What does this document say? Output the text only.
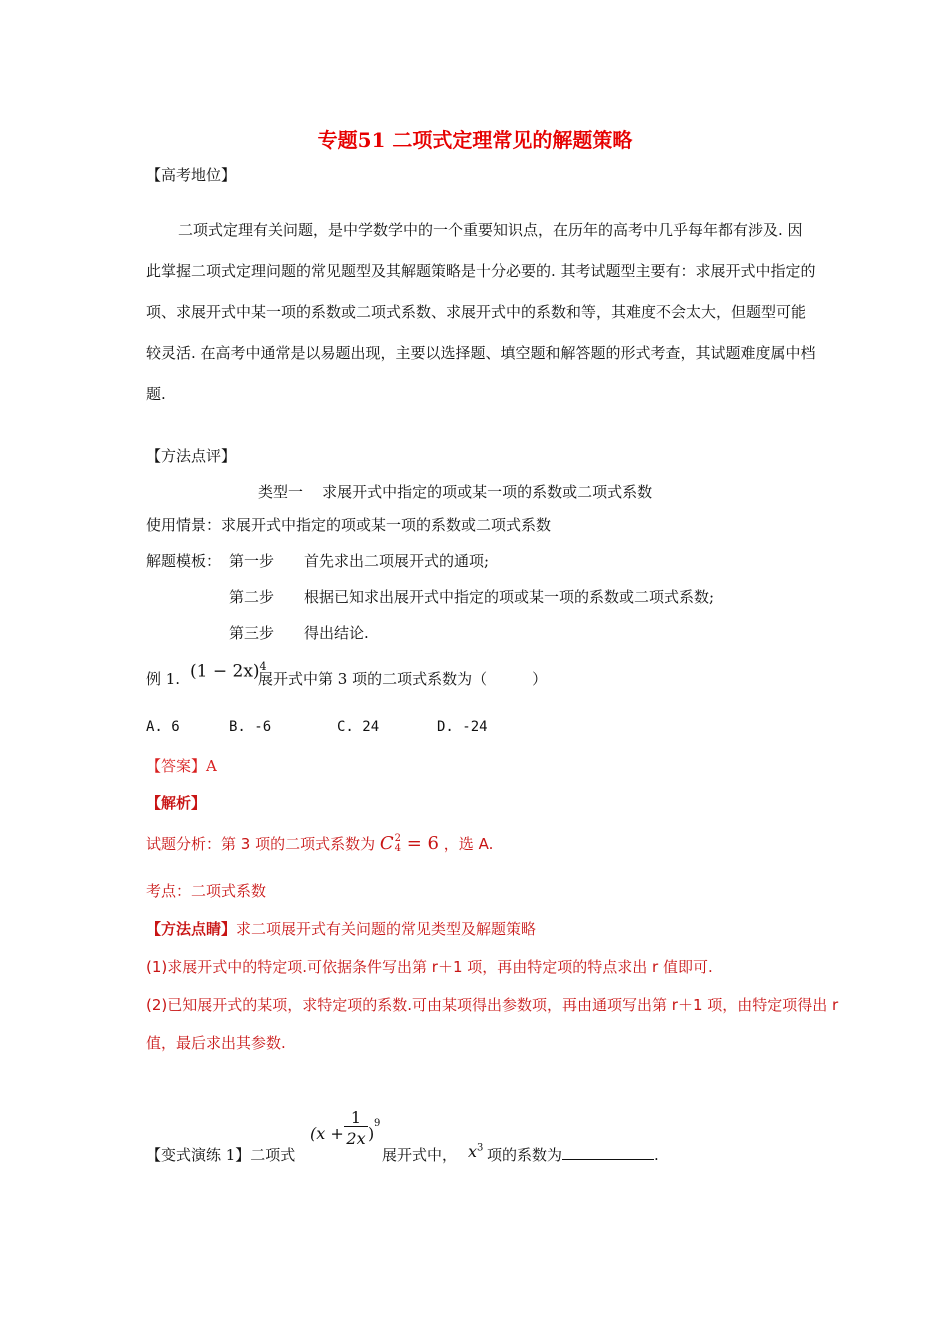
专题51 二项式定理常见的解题策略
【高考地位】
二项式定理有关问题，是中学数学中的一个重要知识点，在历年的高考中几乎每年都有涉及. 因此掌握二项式定理问题的常见题型及其解题策略是十分必要的. 其考试题型主要有：求展开式中指定的项、求展开式中某一项的系数或二项式系数、求展开式中的系数和等，其难度不会太大，但题型可能较灵活. 在高考中通常是以易题出现，主要以选择题、填空题和解答题的形式考查，其试题难度属中档题.
【方法点评】
类型一    求展开式中指定的项或某一项的系数或二项式系数
使用情景：求展开式中指定的项或某一项的系数或二项式系数
解题模板： 第一步 首先求出二项展开式的通项;
第二步 根据已知求出展开式中指定的项或某一项的系数或二项式系数;
第三步 得出结论.
例 1. $(1 - 2x)^4$
展开式中第 3 项的二项式系数为（　　　）
A. 6	B. -6	C. 24	D. -24
【答案】A
【解析】
试题分析：第 3 项的二项式系数为 C 2
4 = 6 ，选 A.
考点：二项式系数
【方法点睛】求二项展开式有关问题的常见类型及解题策略
(1)求展开式中的特定项.可依据条件写出第 r＋1 项，再由特定项的特点求出 r 值即可.
(2)已知展开式的某项，求特定项的系数.可由某项得出参数项，再由通项写出第 r＋1 项，由特定项得出 r
值，最后求出其参数.
【变式演练 1】二项式
(x +
1
2x )
9
展开式中， $x^3$ 项的系数为	.
